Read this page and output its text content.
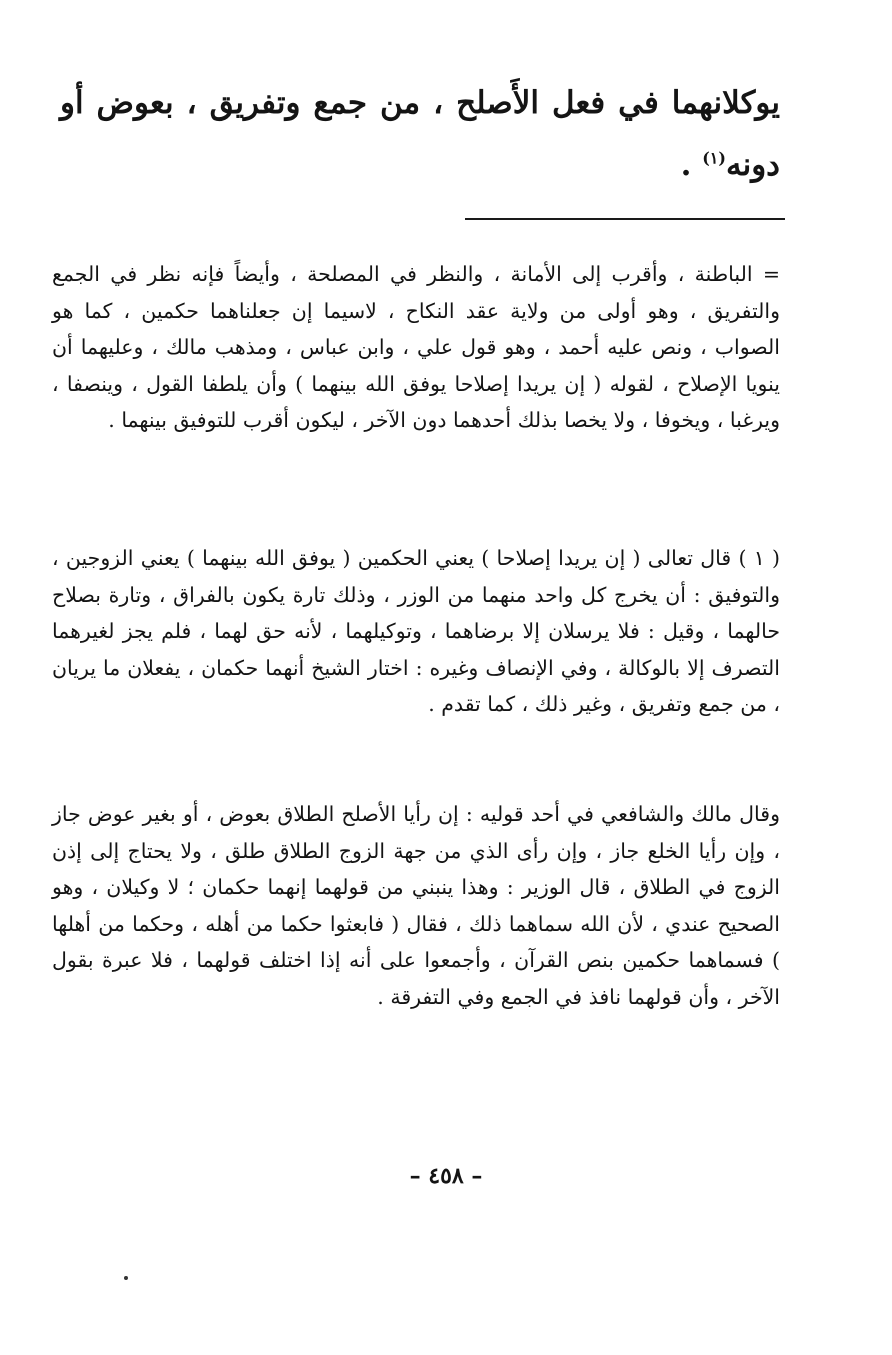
يوكلانهما في فعل الأَصلح ، من جمع وتفريق ، بعوض أو دونه$^{(١)}$ .

= الباطنة ، وأقرب إلى الأمانة ، والنظر في المصلحة ، وأيضاً فإنه نظر في الجمع والتفريق ، وهو أولى من ولاية عقد النكاح ، لاسيما إن جعلناهما حكمين ، كما هو الصواب ، ونص عليه أحمد ، وهو قول علي ، وابن عباس ، ومذهب مالك ، وعليهما أن ينويا الإصلاح ، لقوله ( إن يريدا إصلاحا يوفق الله بينهما ) وأن يلطفا القول ، وينصفا ، ويرغبا ، ويخوفا ، ولا يخصا بذلك أحدهما دون الآخر ، ليكون أقرب للتوفيق بينهما .

( ١ ) قال تعالى ( إن يريدا إصلاحا ) يعني الحكمين ( يوفق الله بينهما ) يعني الزوجين ، والتوفيق : أن يخرج كل واحد منهما من الوزر ، وذلك تارة يكون بالفراق ، وتارة بصلاح حالهما ، وقيل : فلا يرسلان إلا برضاهما ، وتوكيلهما ، لأنه حق لهما ، فلم يجز لغيرهما التصرف إلا بالوكالة ، وفي الإنصاف وغيره : اختار الشيخ أنهما حكمان ، يفعلان ما يريان ، من جمع وتفريق ، وغير ذلك ، كما تقدم .

وقال مالك والشافعي في أحد قوليه : إن رأيا الأصلح الطلاق بعوض ، أو بغير عوض جاز ، وإن رأيا الخلع جاز ، وإن رأى الذي من جهة الزوج الطلاق طلق ، ولا يحتاج إلى إذن الزوج في الطلاق ، قال الوزير : وهذا ينبني من قولهما إنهما حكمان ؛ لا وكيلان ، وهو الصحيح عندي ، لأن الله سماهما ذلك ، فقال ( فابعثوا حكما من أهله ، وحكما من أهلها ) فسماهما حكمين بنص القرآن ، وأجمعوا على أنه إذا اختلف قولهما ، فلا عبرة بقول الآخر ، وأن قولهما نافذ في الجمع وفي التفرقة .

– ٤٥٨ –
